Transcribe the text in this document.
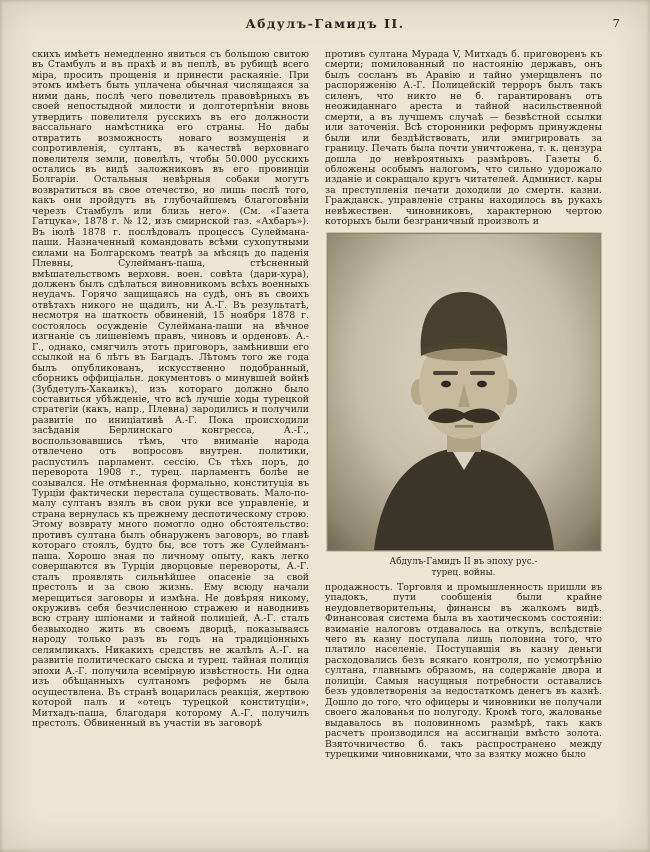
Абдулъ-Гамидъ II.	7
скихъ имѣетъ немедленно явиться съ большою свитою въ Стамбулъ и въ прахѣ и въ пеплѣ, въ рубищѣ всего міра, просить прощенія и принести раскаяніе. При этомъ имѣетъ быть уплачена обычная числящаяся за ними дань, послѣ чего повелитель правовѣрныхъ въ своей непостыдной милости и долготерпѣніи вновь утвердитъ повелителя русскихъ въ его должности вассальнаго намѣстника его страны. Но дабы отвратить возможность новаго возмущенія и сопротивленія, султанъ, въ качествѣ верховнаго повелителя земли, повелѣлъ, чтобы 50.000 русскихъ остались въ видѣ заложниковъ въ его провинціи Болгаріи. Остальныя невѣрныя собаки могутъ возвратиться въ свое отечество, но лишь послѣ того, какъ они пройдутъ въ глубочайшемъ благоговѣніи черезъ Стамбулъ или близь него». (См. «Газета Гатцука», 1878 г. № 12, изъ смирнской газ. «Ахбаръ»). Въ іюлѣ 1878 г. послѣдовалъ процессъ Сулеймана-паши. Назначенный командовать всѣми сухопутными силами на Болгарскомъ театрѣ за мѣсяцъ до паденія Плевны, Сулейманъ-паша, стѣсненный вмѣшательствомъ верховн. воен. совѣта (дари-хура), долженъ былъ сдѣлаться виновникомъ всѣхъ военныхъ неудачъ. Горячо защищаясь на судѣ, онъ въ своихъ отвѣтахъ никого не щадилъ, ни А.-Г. Въ результатѣ, несмотря на шаткость обвиненій, 15 ноября 1878 г. состоялось осужденіе Сулеймана-паши на вѣчное изгнаніе съ лишеніемъ правъ, чиновъ и орденовъ. А.-Г., однако, смягчилъ этотъ приговоръ, замѣнивши его ссылкой на 6 лѣтъ въ Багдадъ. Лѣтомъ того же года былъ опубликованъ, искусственно подобранный, сборникъ оффиціальн. документовъ о минувшей войнѣ (Зубдетулъ-Хакаикъ), изъ котораго должно было составиться убѣжденіе, что всѣ лучшіе ходы турецкой стратегіи (какъ, напр., Плевна) зародились и получили развитіе по иниціативѣ А.-Г. Пока происходили засѣданія Берлинскаго конгресса, А.-Г., воспользовавшись тѣмъ, что вниманіе народа отвлечено отъ вопросовъ внутрен. политики, распустилъ парламент. сессію. Съ тѣхъ поръ, до переворота 1908 г., турец. парламентъ болѣе не созывался. Не отмѣненная формально, конституція въ Турціи фактически перестала существовать. Мало-по-малу султанъ взялъ въ свои руки все управленіе, и страна вернулась къ прежнему деспотическому строю. Этому возврату много помогло одно обстоятельство: противъ султана былъ обнаруженъ заговоръ, во главѣ котораго стоялъ, будто бы, все тотъ же Сулейманъ-паша. Хорошо зная по личному опыту, какъ легко совершаются въ Турціи дворцовые перевороты, А.-Г. сталъ проявлять сильнѣйшее опасеніе за свой престолъ и за свою жизнь. Ему всюду начали мерещиться заговоры и измѣна. Не довѣряя никому, окруживъ себя безчисленною стражею и наводнивъ всю страну шпіонами и тайной полиціей, А.-Г. сталъ безвыходно жить въ своемъ дворцѣ, показываясь народу только разъ въ годъ на традиціонныхъ селямликахъ. Никакихъ средствъ не жалѣлъ А.-Г. на развитіе политическаго сыска и турец. тайная полиція эпохи А.-Г. получила всемірную извѣстность. Ни одна изъ обѣщанныхъ султаномъ реформъ не была осуществлена. Въ странѣ воцарилась реакція, жертвою которой палъ и «отецъ турецкой конституціи», Митхадъ-паша, благодаря которому А.-Г. получилъ престолъ. Обвиненный въ участіи въ заговорѣ
противъ султана Мурада V, Митхадъ б. приговоренъ къ смерти; помилованный по настоянію державъ, онъ былъ сосланъ въ Аравію и тайно умерщвленъ по распоряженію А.-Г. Полицейскій терроръ былъ такъ силенъ, что никто не б. гарантированъ отъ неожиданнаго ареста и тайной насильственной смерти, а въ лучшемъ случаѣ — безвѣстной ссылки или заточенія. Всѣ сторонники реформъ принуждены были или бездѣйствовать, или эмигрировать за границу. Печать была почти уничтожена, т. к. цензура дошла до невѣроятныхъ размѣровъ. Газеты б. обложены особымъ налогомъ, что сильно удорожало изданіе и сокращало кругъ читателей. Админист. кары за преступленія печати доходили до смертн. казни. Гражданск. управленіе страны находилось въ рукахъ невѣжествен. чиновниковъ, характерною чертою которыхъ были безграничный произволъ и
Абдулъ-Гамидъ II въ эпоху рус.-
турец. войны.
продажность. Торговля и промышленность пришли въ упадокъ, пути сообщенія были крайне неудовлетворительны, финансы въ жалкомъ видѣ. Финансовая система была въ хаотическомъ состояніи: взиманіе налоговъ отдавалось на откупъ, вслѣдствіе чего въ казну поступала лишь половина того, что платило населеніе. Поступавшія въ казну деньги расходовались безъ всякаго контроля, по усмотрѣнію султана, главнымъ образомъ, на содержаніе двора и полиціи. Самыя насущныя потребности оставались безъ удовлетворенія за недостаткомъ денегъ въ казнѣ. Дошло до того, что офицеры и чиновники не получали своего жалованья по полугоду. Кромѣ того, жалованье выдавалось въ половинномъ размѣрѣ, такъ какъ расчетъ производился на ассигнаціи вмѣсто золота. Взяточничество б. такъ распространено между турецкими чиновниками, что за взятку можно было
